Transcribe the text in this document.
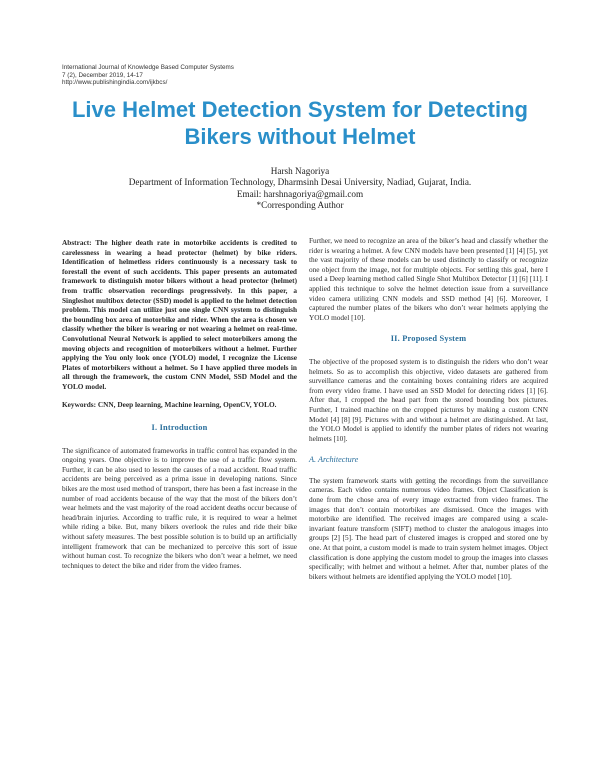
International Journal of Knowledge Based Computer Systems
7 (2), December 2019, 14-17
http://www.publishingindia.com/ijkbcs/
Live Helmet Detection System for Detecting
Bikers without Helmet
Harsh Nagoriya
Department of Information Technology, Dharmsinh Desai University, Nadiad, Gujarat, India.
Email: harshnagoriya@gmail.com
*Corresponding Author

Abstract: The higher death rate in motorbike accidents is credited to carelessness in wearing a head protector (helmet) by bike riders. Identification of helmetless riders continuously is a necessary task to forestall the event of such accidents. This paper presents an automated framework to distinguish motor bikers without a head protector (helmet) from traffic observation recordings progressively. In this paper, a Singleshot multibox detector (SSD) model is applied to the helmet detection problem. This model can utilize just one single CNN system to distinguish the bounding box area of motorbike and rider. When the area is chosen we classify whether the biker is wearing or not wearing a helmet on real-time. Convolutional Neural Network is applied to select motorbikers among the moving objects and recognition of motorbikers without a helmet. Further applying the You only look once (YOLO) model, I recognize the License Plates of motorbikers without a helmet. So I have applied three models in all through the framework, the custom CNN Model, SSD Model and the YOLO model.

Keywords: CNN, Deep learning, Machine learning, OpenCV, YOLO.

I. Introduction

The significance of automated frameworks in traffic control has expanded in the ongoing years. One objective is to improve the use of a traffic flow system. Further, it can be also used to lessen the causes of a road accident. Road traffic accidents are being perceived as a prima issue in developing nations. Since bikes are the most used method of transport, there has been a fast increase in the number of road accidents because of the way that the most of the bikers don’t wear helmets and the vast majority of the road accident deaths occur because of head/brain injuries. According to traffic rule, it is required to wear a helmet while riding a bike. But, many bikers overlook the rules and ride their bike without safety measures. The best possible solution is to build up an artificially intelligent framework that can be mechanized to perceive this sort of issue without human cost. To recognize the bikers who don’t wear a helmet, we need techniques to detect the bike and rider from the video frames.

Further, we need to recognize an area of the biker’s head and classify whether the rider is wearing a helmet. A few CNN models have been presented [1] [4] [5], yet the vast majority of these models can be used distinctly to classify or recognize one object from the image, not for multiple objects. For settling this goal, here I used a Deep learning method called Single Shot Multibox Detector [1] [6] [11]. I applied this technique to solve the helmet detection issue from a surveillance video camera utilizing CNN models and SSD method [4] [6]. Moreover, I captured the number plates of the bikers who don’t wear helmets applying the YOLO model [10].

II. Proposed System

The objective of the proposed system is to distinguish the riders who don’t wear helmets. So as to accomplish this objective, video datasets are gathered from surveillance cameras and the containing boxes containing riders are acquired from every video frame. I have used an SSD Model for detecting riders [1] [6]. After that, I cropped the head part from the stored bounding box pictures. Further, I trained machine on the cropped pictures by making a custom CNN Model [4] [8] [9]. Pictures with and without a helmet are distinguished. At last, the YOLO Model is applied to identify the number plates of riders not wearing helmets [10].

A. Architecture

The system framework starts with getting the recordings from the surveillance cameras. Each video contains numerous video frames. Object Classification is done from the chose area of every image extracted from video frames. The images that don’t contain motorbikes are dismissed. Once the images with motorbike are identified. The received images are compared using a scale-invariant feature transform (SIFT) method to cluster the analogous images into groups [2] [5]. The head part of clustered images is cropped and stored one by one. At that point, a custom model is made to train system helmet images. Object classification is done applying the custom model to group the images into classes specifically; with helmet and without a helmet. After that, number plates of the bikers without helmets are identified applying the YOLO model [10].
